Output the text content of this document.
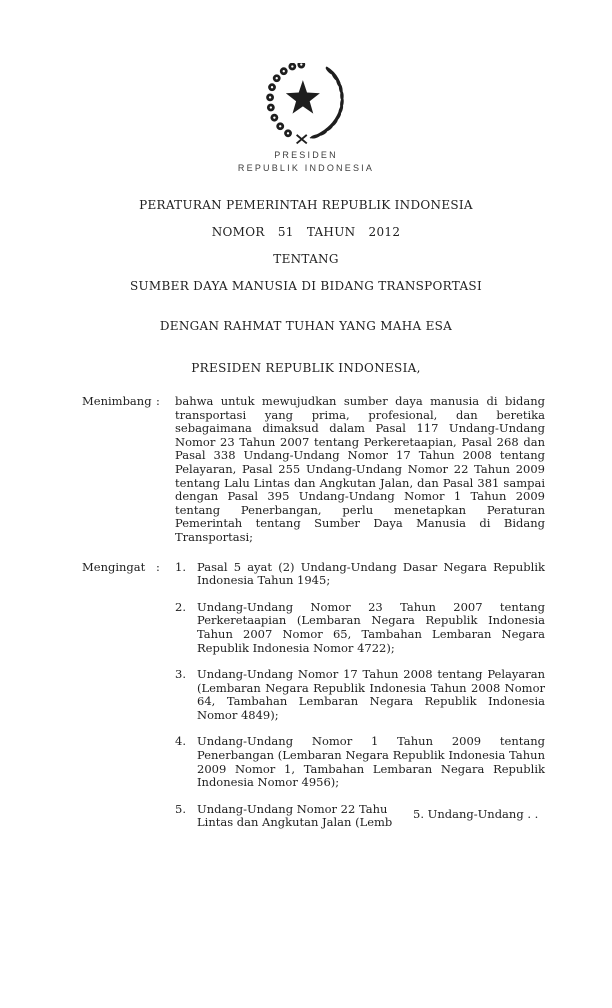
PRESIDEN
REPUBLIK INDONESIA
PERATURAN PEMERINTAH REPUBLIK INDONESIA
NOMOR 51 TAHUN 2012
TENTANG
SUMBER DAYA MANUSIA DI BIDANG TRANSPORTASI
DENGAN RAHMAT TUHAN YANG MAHA ESA
PRESIDEN REPUBLIK INDONESIA,
Menimbang :	bahwa untuk mewujudkan sumber daya manusia di bidang transportasi yang prima, profesional, dan beretika sebagaimana dimaksud dalam Pasal 117 Undang-Undang Nomor 23 Tahun 2007 tentang Perkeretaapian, Pasal 268 dan Pasal 338 Undang-Undang Nomor 17 Tahun 2008 tentang Pelayaran, Pasal 255 Undang-Undang Nomor 22 Tahun 2009 tentang Lalu Lintas dan Angkutan Jalan, dan Pasal 381 sampai dengan Pasal 395 Undang-Undang Nomor 1 Tahun 2009 tentang Penerbangan, perlu menetapkan Peraturan Pemerintah tentang Sumber Daya Manusia di Bidang Transportasi;
Mengingat :	1. Pasal 5 ayat (2) Undang-Undang Dasar Negara Republik Indonesia Tahun 1945;
2. Undang-Undang Nomor 23 Tahun 2007 tentang Perkeretaapian (Lembaran Negara Republik Indonesia Tahun 2007 Nomor 65, Tambahan Lembaran Negara Republik Indonesia Nomor 4722);
3. Undang-Undang Nomor 17 Tahun 2008 tentang Pelayaran (Lembaran Negara Republik Indonesia Tahun 2008 Nomor 64, Tambahan Lembaran Negara Republik Indonesia Nomor 4849);
4. Undang-Undang Nomor 1 Tahun 2009 tentang Penerbangan (Lembaran Negara Republik Indonesia Tahun 2009 Nomor 1, Tambahan Lembaran Negara Republik Indonesia Nomor 4956);
5. Undang-Undang Nomor 22 Tahu
Lintas dan Angkutan Jalan (Lemb
5. Undang-Undang . .
